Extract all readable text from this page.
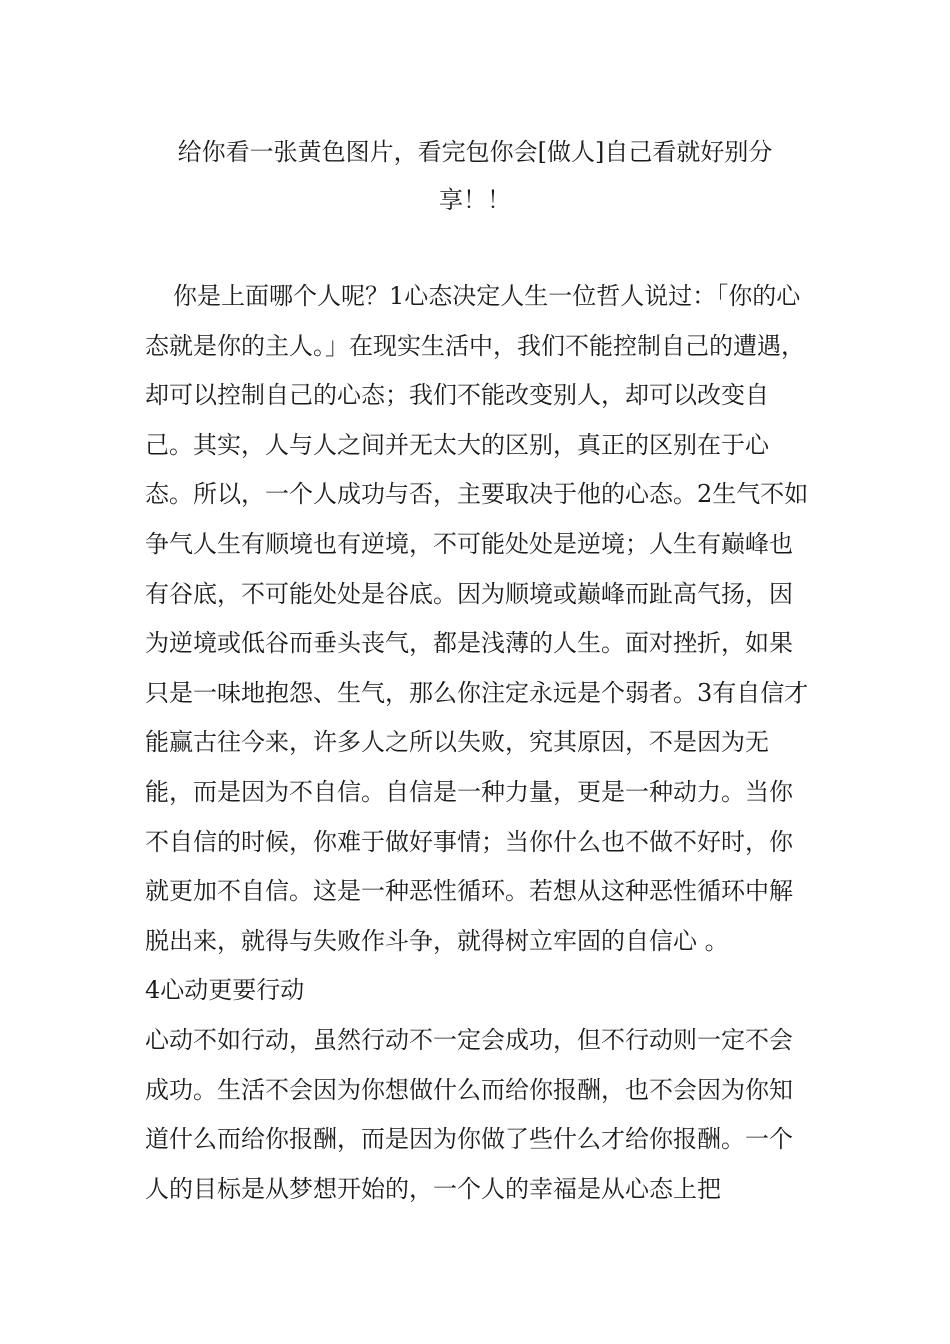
给你看一张黄色图片，看完包你会[做人]自己看就好别分享！！

你是上面哪个人呢？1心态决定人生一位哲人说过：「你的心态就是你的主人。」在现实生活中，我们不能控制自己的遭遇，却可以控制自己的心态；我们不能改变别人，却可以改变自己。其实，人与人之间并无太大的区别，真正的区别在于心态。所以，一个人成功与否，主要取决于他的心态。2生气不如争气人生有顺境也有逆境，不可能处处是逆境；人生有巅峰也有谷底，不可能处处是谷底。因为顺境或巅峰而趾高气扬，因为逆境或低谷而垂头丧气，都是浅薄的人生。面对挫折，如果只是一味地抱怨、生气，那么你注定永远是个弱者。3有自信才能赢古往今来，许多人之所以失败，究其原因，不是因为无能，而是因为不自信。自信是一种力量，更是一种动力。当你不自信的时候，你难于做好事情；当你什么也不做不好时，你就更加不自信。这是一种恶性循环。若想从这种恶性循环中解脱出来，就得与失败作斗争，就得树立牢固的自信心 。

4心动更要行动

心动不如行动，虽然行动不一定会成功，但不行动则一定不会成功。生活不会因为你想做什么而给你报酬，也不会因为你知道什么而给你报酬，而是因为你做了些什么才给你报酬。一个人的目标是从梦想开始的，一个人的幸福是从心态上把
